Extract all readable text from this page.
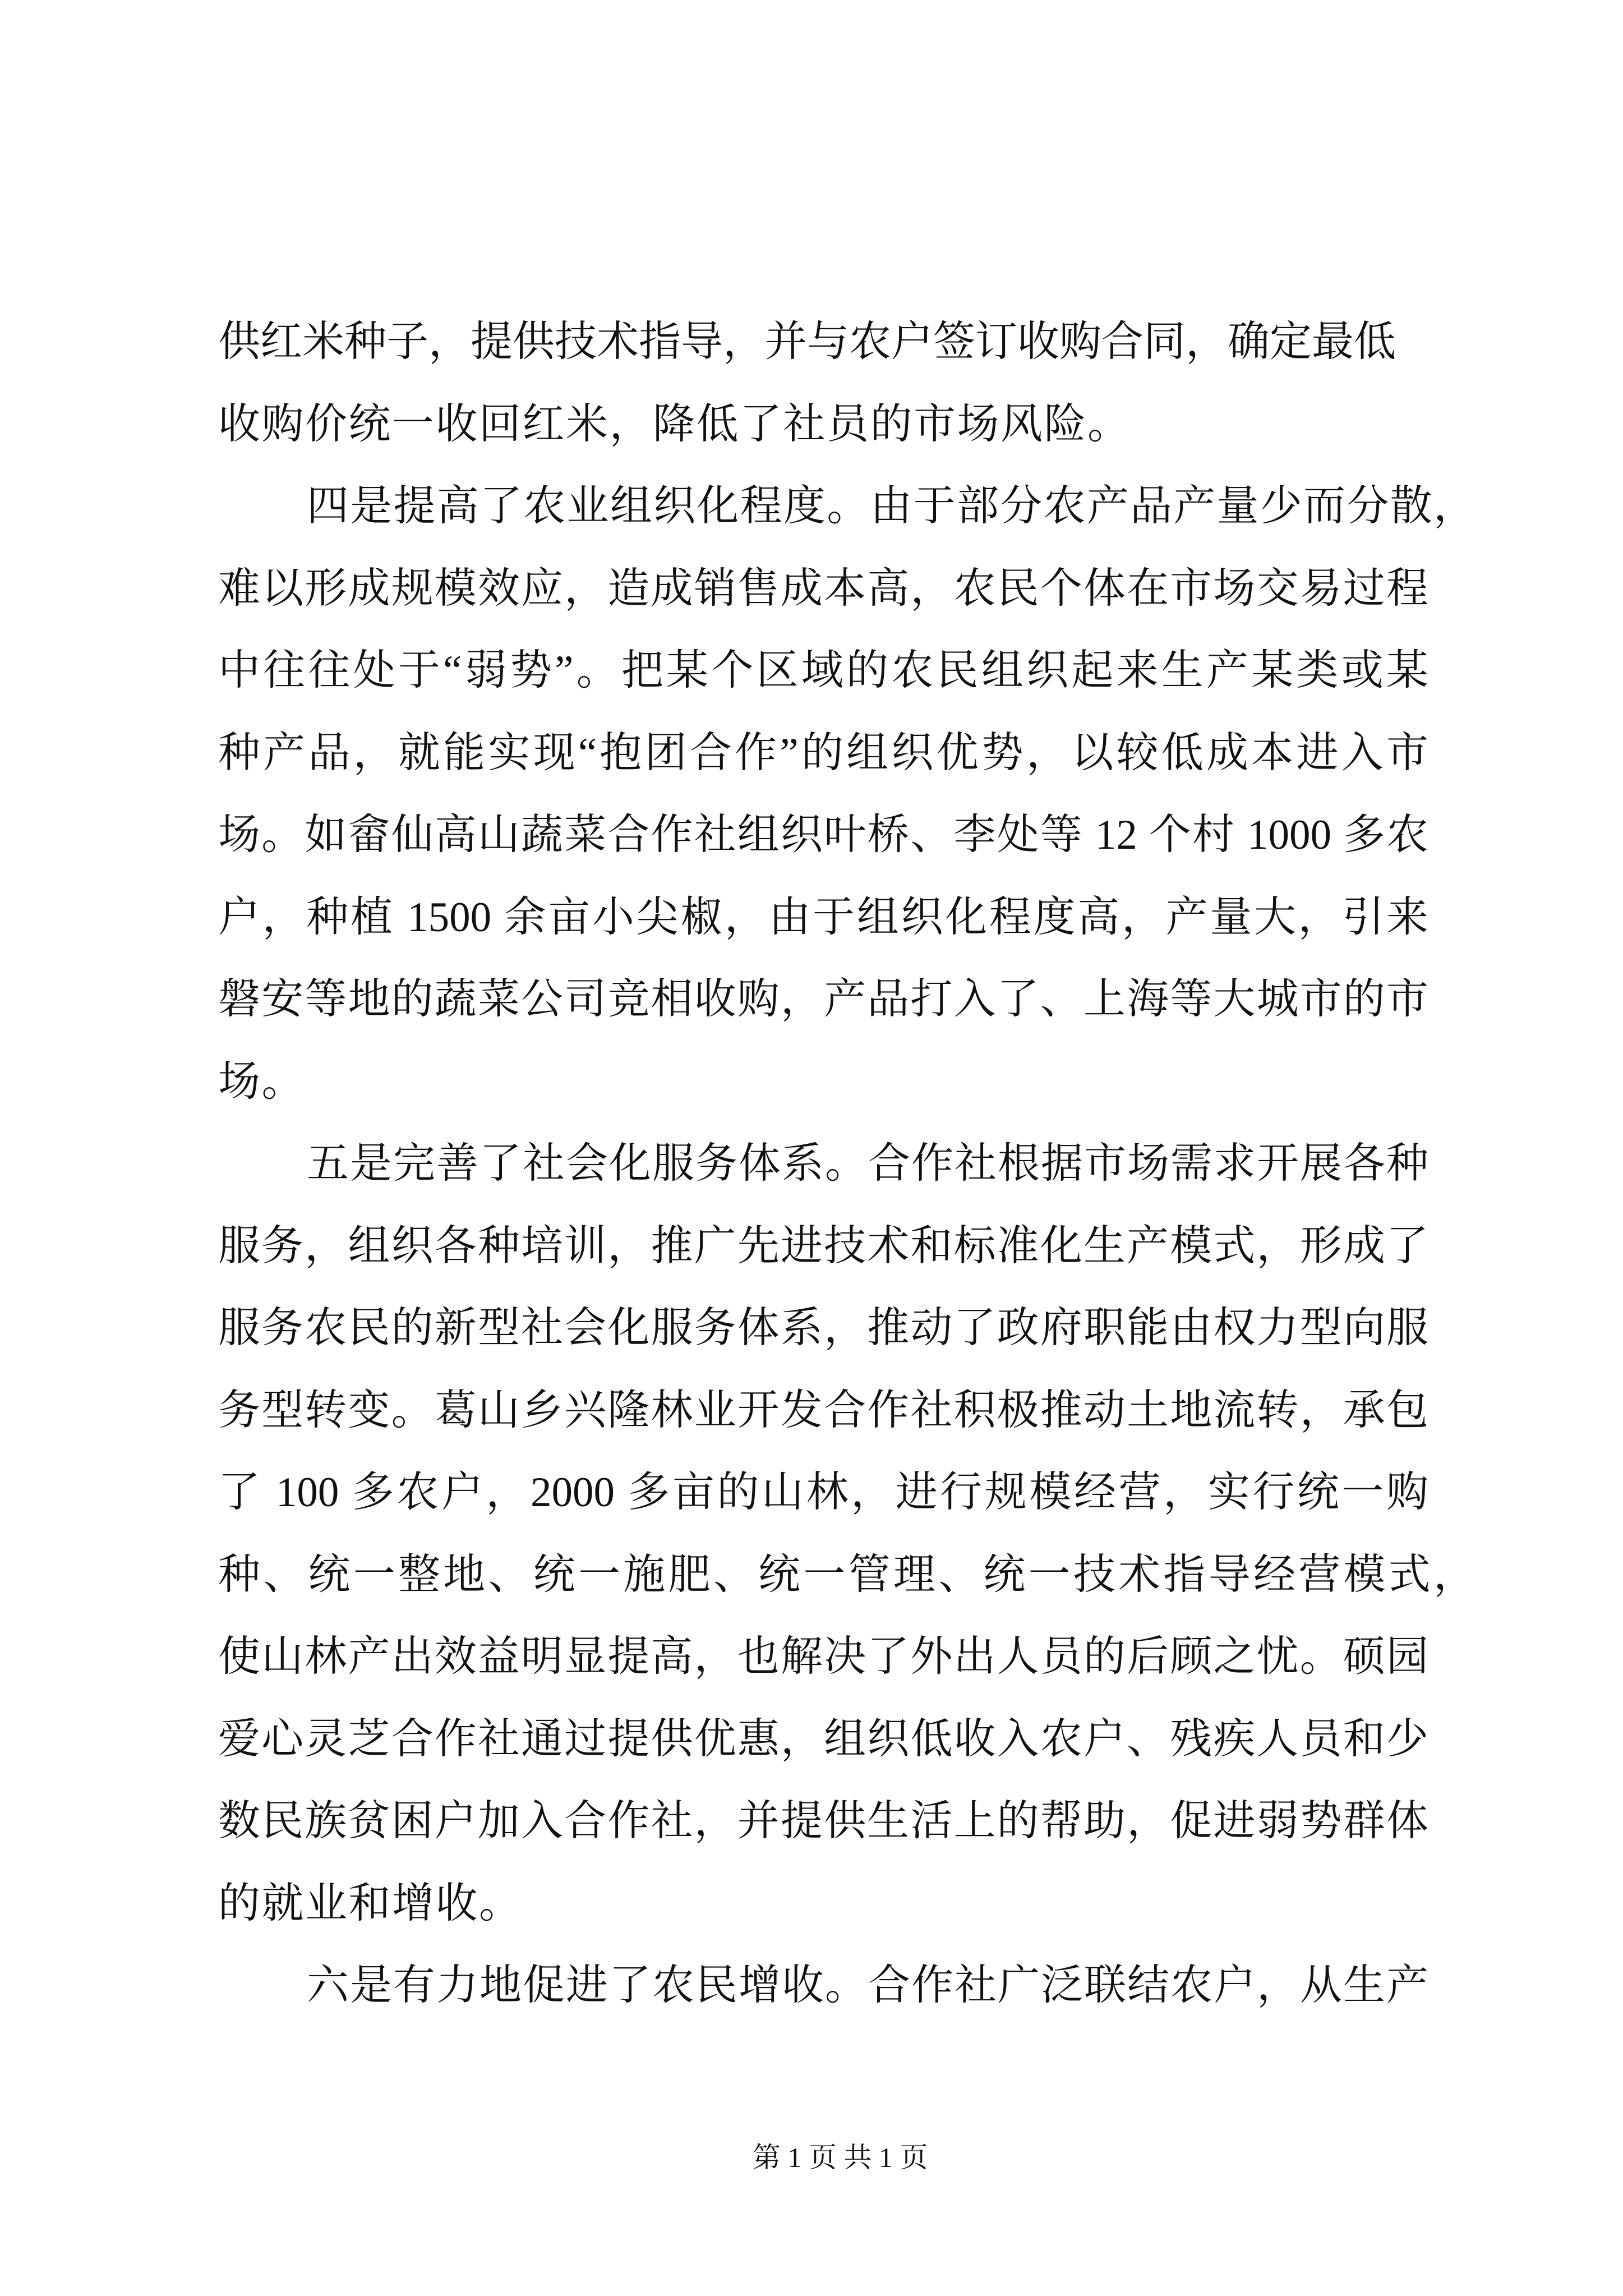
供红米种子，提供技术指导，并与农户签订收购合同，确定最低
收购价统一收回红米，降低了社员的市场风险。
四是提高了农业组织化程度。由于部分农产品产量少而分散，
难以形成规模效应，造成销售成本高，农民个体在市场交易过程
中往往处于“弱势”。把某个区域的农民组织起来生产某类或某
种产品，就能实现“抱团合作”的组织优势，以较低成本进入市
场。如畲仙高山蔬菜合作社组织叶桥、李处等 12 个村 1000 多农
户，种植 1500 余亩小尖椒，由于组织化程度高，产量大，引来
磐安等地的蔬菜公司竞相收购，产品打入了、上海等大城市的市
场。
五是完善了社会化服务体系。合作社根据市场需求开展各种
服务，组织各种培训，推广先进技术和标准化生产模式，形成了
服务农民的新型社会化服务体系，推动了政府职能由权力型向服
务型转变。葛山乡兴隆林业开发合作社积极推动土地流转，承包
了 100 多农户，2000 多亩的山林，进行规模经营，实行统一购
种、统一整地、统一施肥、统一管理、统一技术指导经营模式，
使山林产出效益明显提高，也解决了外出人员的后顾之忧。硕园
爱心灵芝合作社通过提供优惠，组织低收入农户、残疾人员和少
数民族贫困户加入合作社，并提供生活上的帮助，促进弱势群体
的就业和增收。
六是有力地促进了农民增收。合作社广泛联结农户，从生产
第 1 页 共 1 页
